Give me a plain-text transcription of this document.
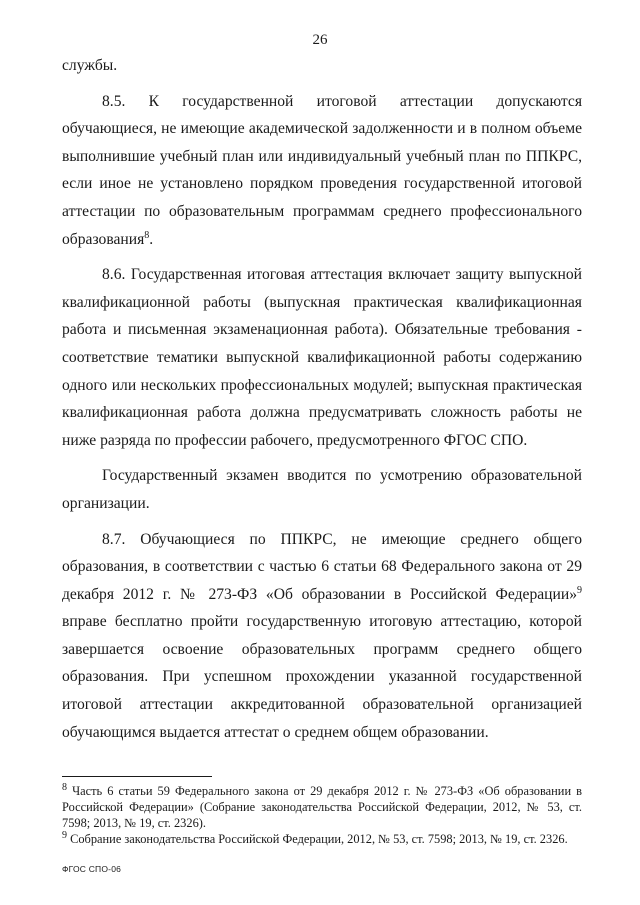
26

службы.

8.5. К государственной итоговой аттестации допускаются обучающиеся, не имеющие академической задолженности и в полном объеме выполнившие учебный план или индивидуальный учебный план по ППКРС, если иное не установлено порядком проведения государственной итоговой аттестации по образовательным программам среднего профессионального образования$^8$.

8.6. Государственная итоговая аттестация включает защиту выпускной квалификационной работы (выпускная практическая квалификационная работа и письменная экзаменационная работа). Обязательные требования - соответствие тематики выпускной квалификационной работы содержанию одного или нескольких профессиональных модулей; выпускная практическая квалификационная работа должна предусматривать сложность работы не ниже разряда по профессии рабочего, предусмотренного ФГОС СПО.

Государственный экзамен вводится по усмотрению образовательной организации.

8.7. Обучающиеся по ППКРС, не имеющие среднего общего образования, в соответствии с частью 6 статьи 68 Федерального закона от 29 декабря 2012 г. № 273-ФЗ «Об образовании в Российской Федерации»$^9$ вправе бесплатно пройти государственную итоговую аттестацию, которой завершается освоение образовательных программ среднего общего образования. При успешном прохождении указанной государственной итоговой аттестации аккредитованной образовательной организацией обучающимся выдается аттестат о среднем общем образовании.

$^8$ Часть 6 статьи 59 Федерального закона от 29 декабря 2012 г. № 273-ФЗ «Об образовании в Российской Федерации» (Собрание законодательства Российской Федерации, 2012, № 53, ст. 7598; 2013, № 19, ст. 2326).

$^9$ Собрание законодательства Российской Федерации, 2012, № 53, ст. 7598; 2013, № 19, ст. 2326.

ФГОС СПО-06
